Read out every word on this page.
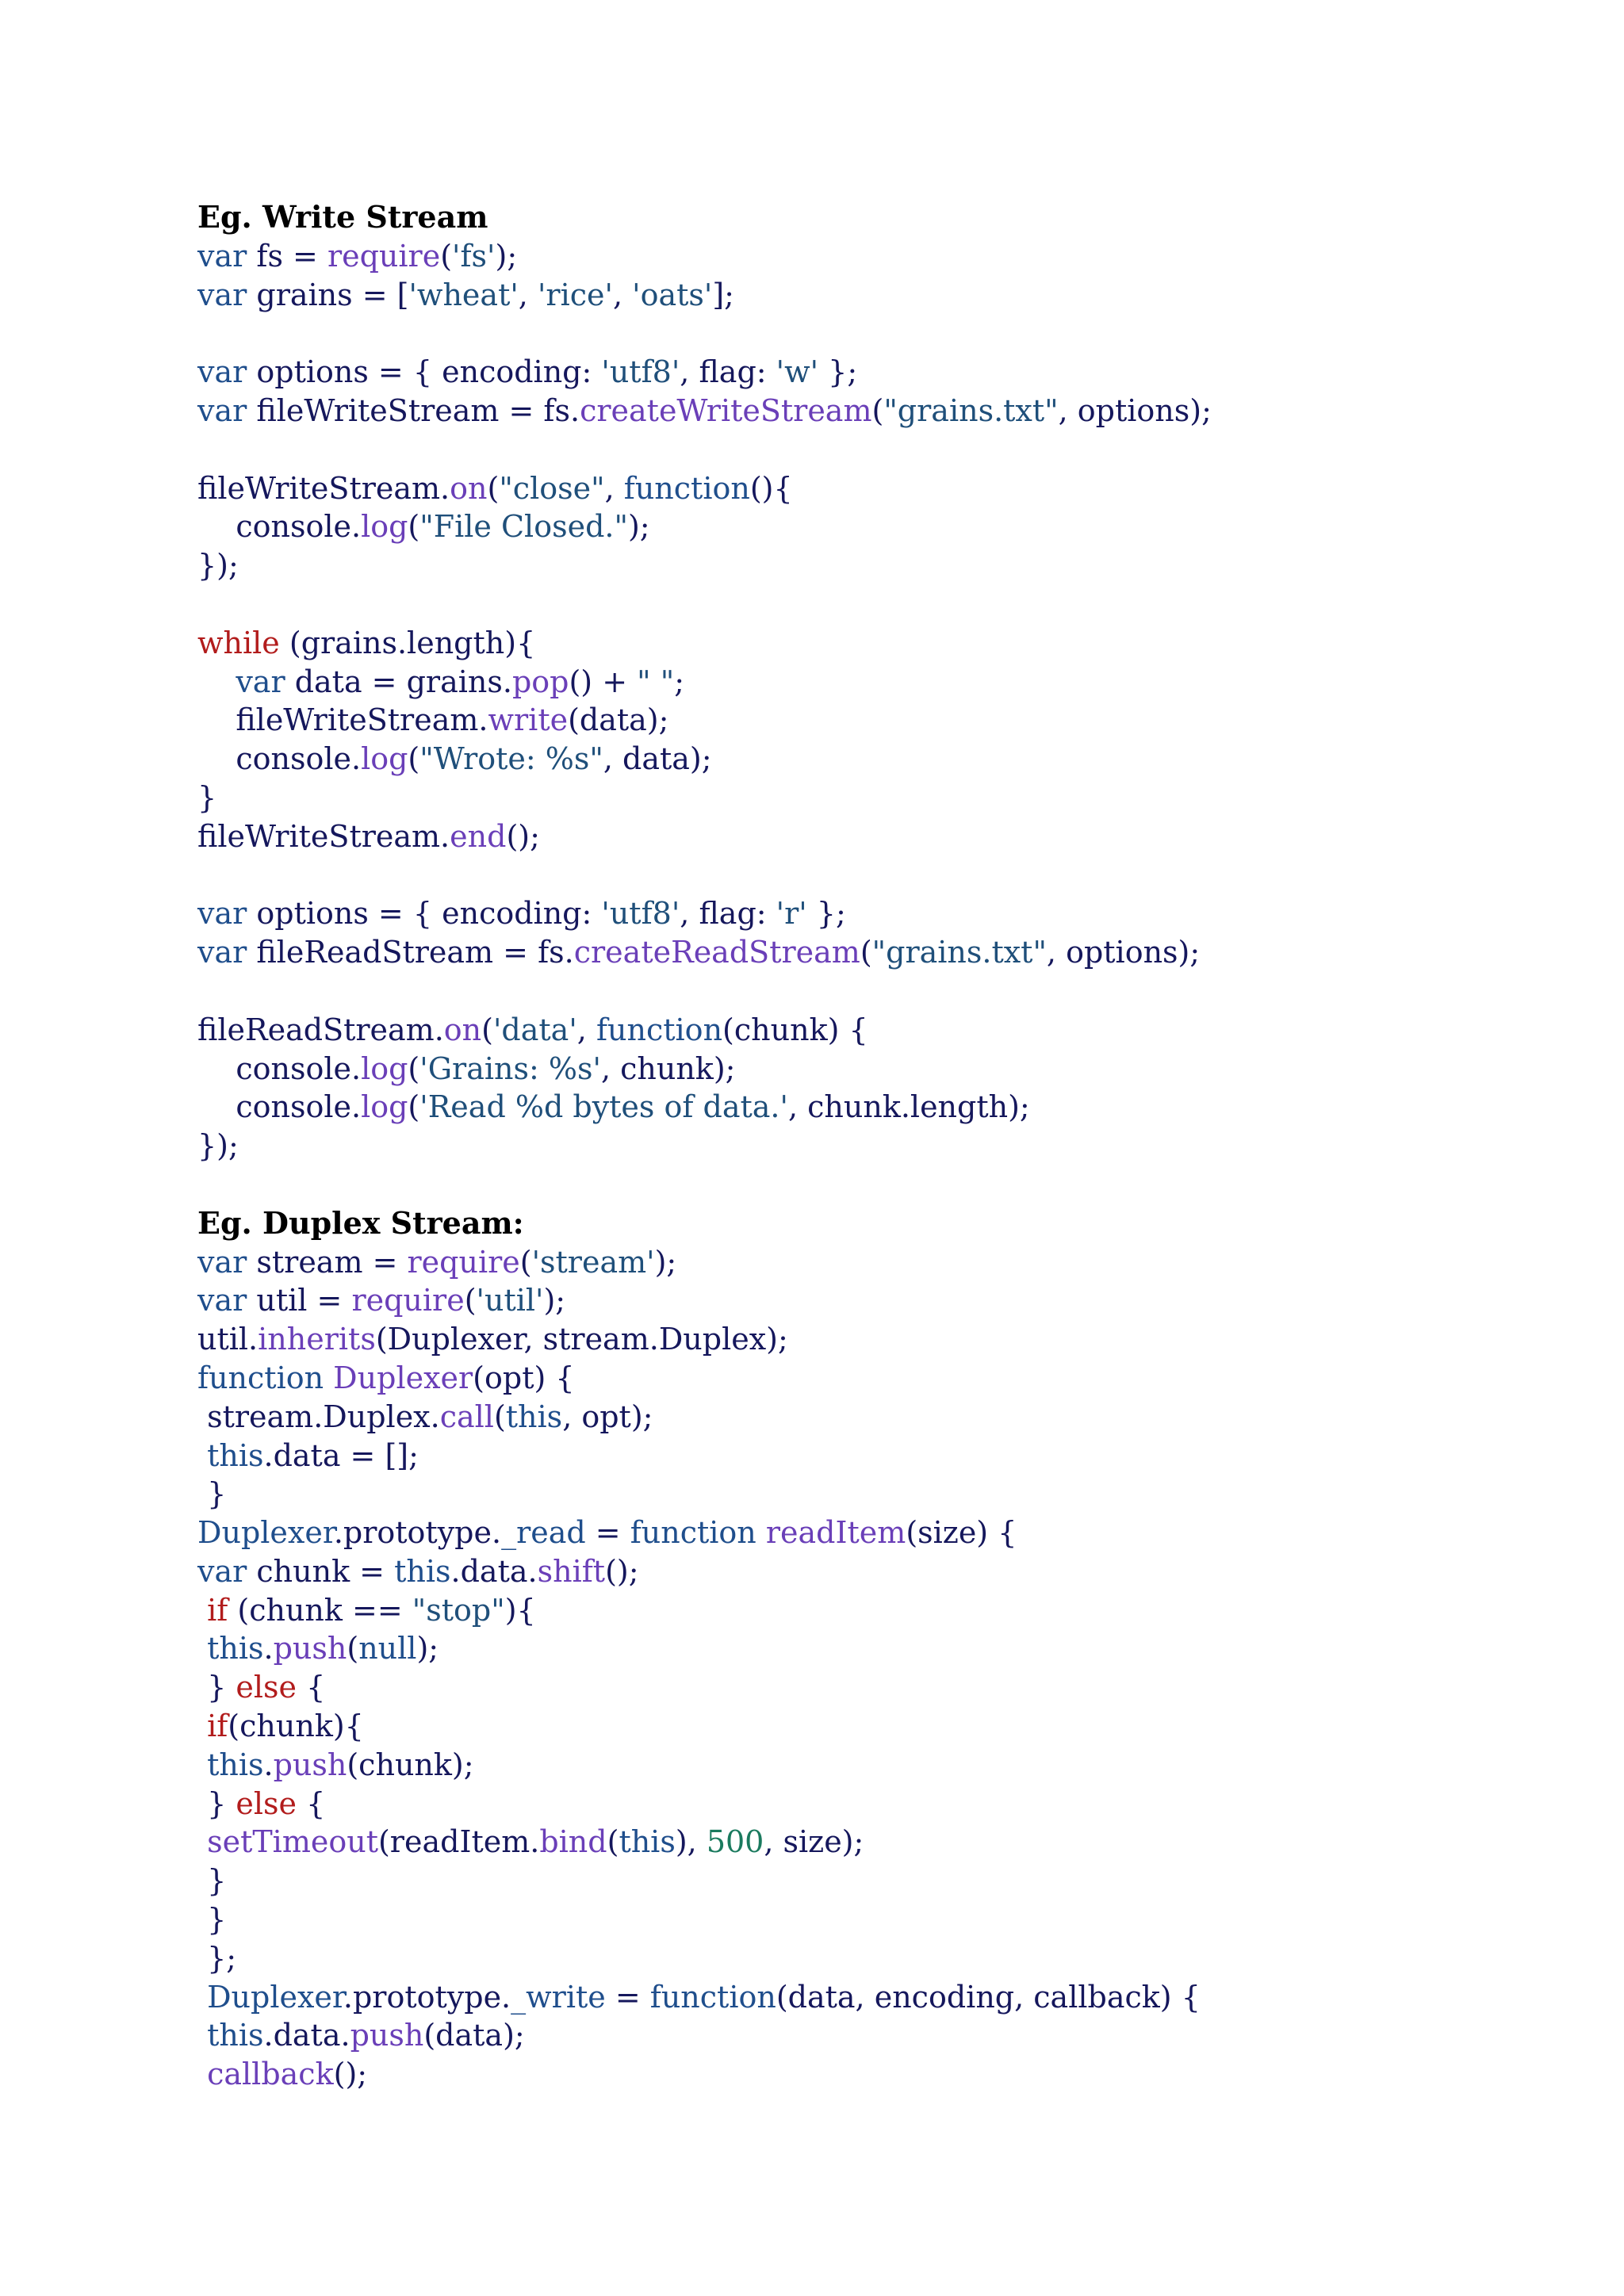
Eg. Write Stream
var fs = require('fs');
var grains = ['wheat', 'rice', 'oats'];
var options = { encoding: 'utf8', flag: 'w' };
var fileWriteStream = fs.createWriteStream("grains.txt", options);
fileWriteStream.on("close", function(){
console.log("File Closed.");
});
while (grains.length){
var data = grains.pop() + " ";
fileWriteStream.write(data);
console.log("Wrote: %s", data);
}
fileWriteStream.end();
var options = { encoding: 'utf8', flag: 'r' };
var fileReadStream = fs.createReadStream("grains.txt", options);
fileReadStream.on('data', function(chunk) {
console.log('Grains: %s', chunk);
console.log('Read %d bytes of data.', chunk.length);
});
Eg. Duplex Stream:
var stream = require('stream');
var util = require('util');
util.inherits(Duplexer, stream.Duplex);
function Duplexer(opt) {
stream.Duplex.call(this, opt);
this.data = [];
}
Duplexer.prototype._read = function readItem(size) {
var chunk = this.data.shift();
if (chunk == "stop"){
this.push(null);
} else {
if(chunk){
this.push(chunk);
} else {
setTimeout(readItem.bind(this), 500, size);
}
}
};
Duplexer.prototype._write = function(data, encoding, callback) {
this.data.push(data);
callback();
